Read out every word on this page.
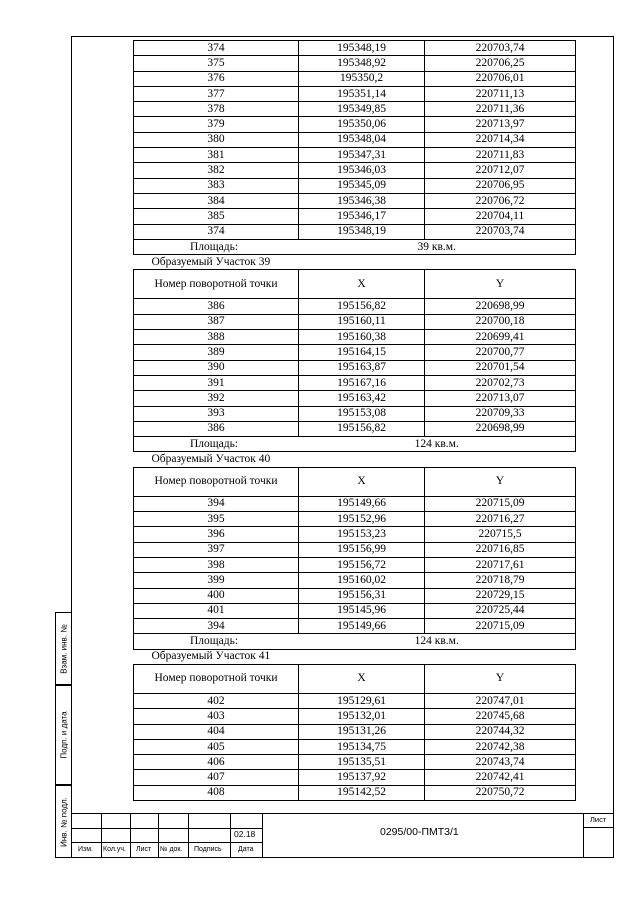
374	195348,19	220703,74
375	195348,92	220706,25
376	195350,2	220706,01
377	195351,14	220711,13
378	195349,85	220711,36
379	195350,06	220713,97
380	195348,04	220714,34
381	195347,31	220711,83
382	195346,03	220712,07
383	195345,09	220706,95
384	195346,38	220706,72
385	195346,17	220704,11
374	195348,19	220703,74
Площадь:	39 кв.м.	
Образуемый Участок 39		
Номер поворотной точки	X	Y
386	195156,82	220698,99
387	195160,11	220700,18
388	195160,38	220699,41
389	195164,15	220700,77
390	195163,87	220701,54
391	195167,16	220702,73
392	195163,42	220713,07
393	195153,08	220709,33
386	195156,82	220698,99
Площадь:	124 кв.м.	
Образуемый Участок 40		
Номер поворотной точки	X	Y
394	195149,66	220715,09
395	195152,96	220716,27
396	195153,23	220715,5
397	195156,99	220716,85
398	195156,72	220717,61
399	195160,02	220718,79
400	195156,31	220729,15
401	195145,96	220725,44
394	195149,66	220715,09
Площадь:	124 кв.м.	
Образуемый Участок 41		
Номер поворотной точки	X	Y
402	195129,61	220747,01
403	195132,01	220745,68
404	195131,26	220744,32
405	195134,75	220742,38
406	195135,51	220743,74
407	195137,92	220742,41
408	195142,52	220750,72
Взам. инв. №
Подп. и дата
Инв. № подл.	02.18	0295/00-ПМТ3/1
Лист
Изм. Кол.уч. Лист № док. Подпись Дата
